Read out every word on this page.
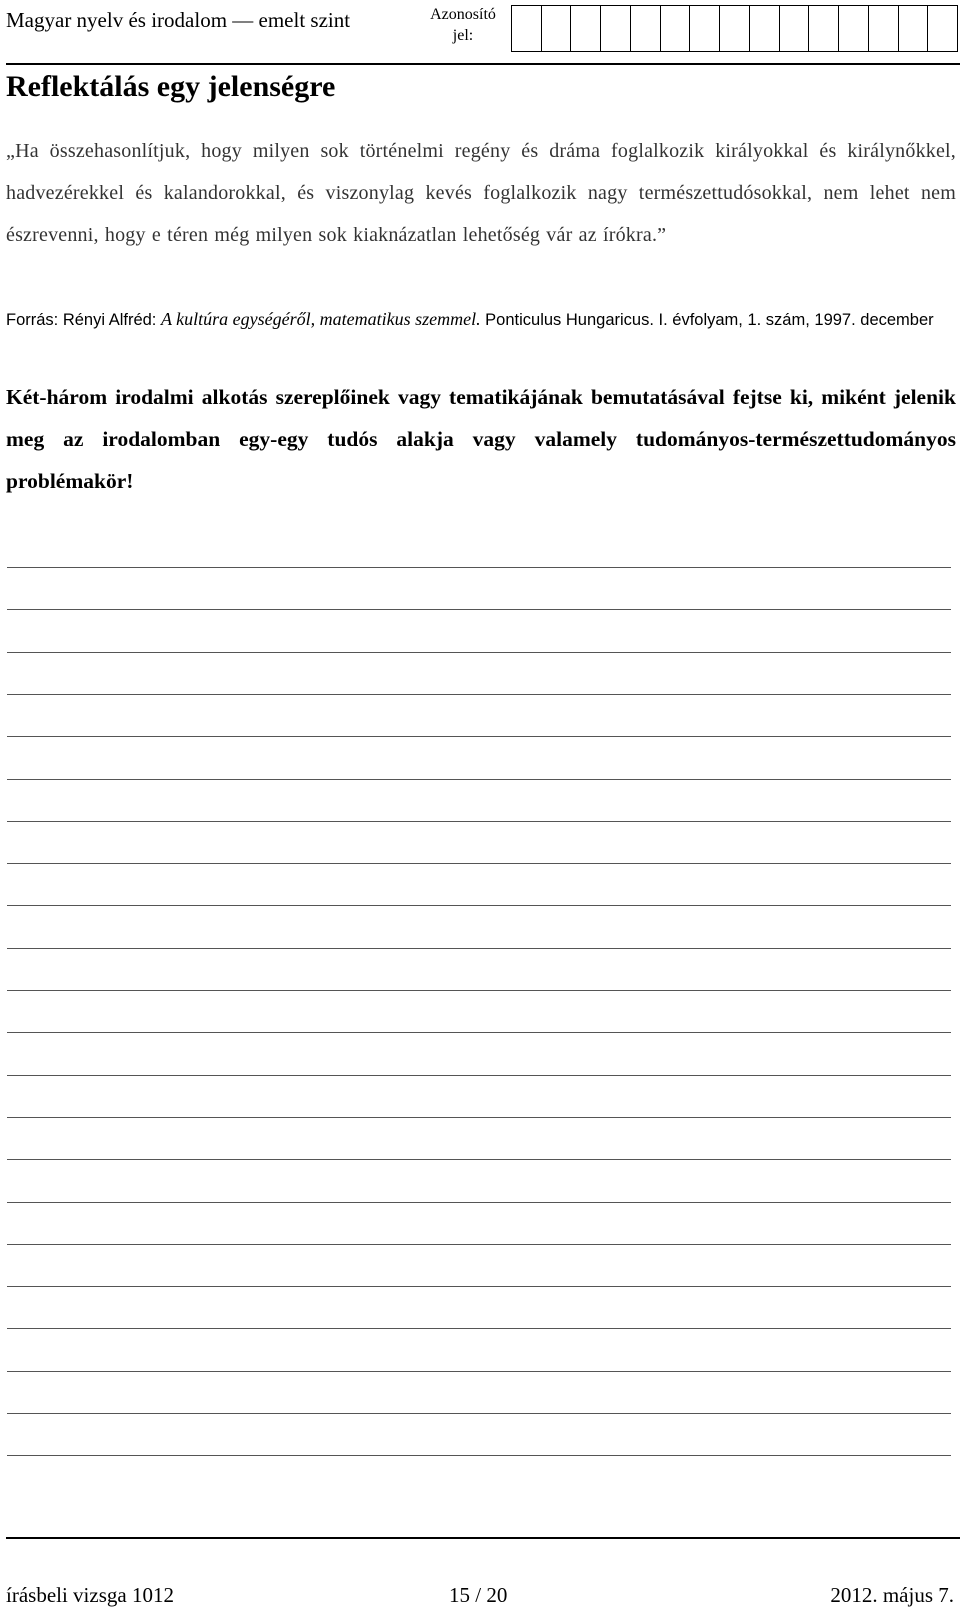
Magyar nyelv és irodalom — emelt szint	Azonosító
jel:
Reflektálás egy jelenségre
„Ha összehasonlítjuk, hogy milyen sok történelmi regény és dráma foglalkozik királyokkal és királynőkkel, hadvezérekkel és kalandorokkal, és viszonylag kevés foglalkozik nagy természettudósokkal, nem lehet nem észrevenni, hogy e téren még milyen sok kiaknázatlan lehetőség vár az írókra.”
Forrás: Rényi Alfréd: A kultúra egységéről, matematikus szemmel. Ponticulus Hungaricus. I. évfolyam, 1. szám, 1997. december
Két-három irodalmi alkotás szereplőinek vagy tematikájának bemutatásával fejtse ki, miként jelenik meg az irodalomban egy-egy tudós alakja vagy valamely tudományos-természettudományos problémakör!
írásbeli vizsga 1012	15 / 20	2012. május 7.
